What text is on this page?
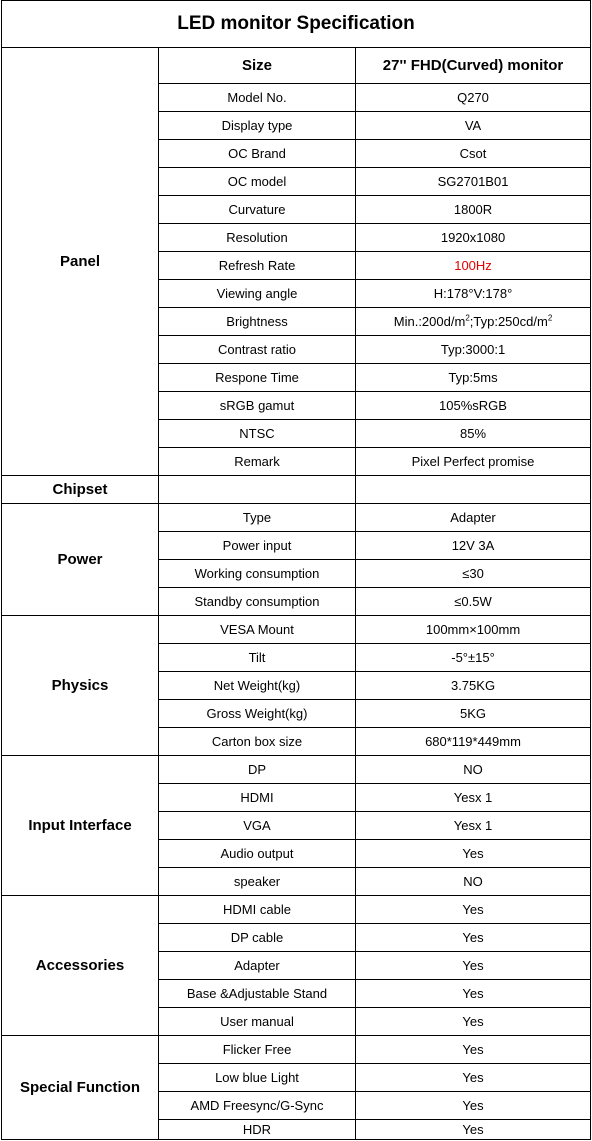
LED monitor Specification		
Panel	Size	27'' FHD(Curved) monitor
	Model No.	Q270
	Display type	VA
	OC Brand	Csot
	OC model	SG2701B01
	Curvature	1800R
	Resolution	1920x1080
	Refresh Rate	100Hz
	Viewing angle	H:178°V:178°
	Brightness	$Min.:200d/m^2;Typ:250cd/m^2$
	Contrast ratio	Typ:3000:1
	Respone Time	Typ:5ms
	sRGB gamut	105%sRGB
	NTSC	85%
	Remark	Pixel Perfect promise
Chipset		
Power	Type	Adapter
	Power input	12V 3A
	Working consumption	≤30
	Standby consumption	≤0.5W
Physics	VESA Mount	100mm×100mm
	Tilt	-5°±15°
	Net Weight(kg)	3.75KG
	Gross Weight(kg)	5KG
	Carton box size	680*119*449mm
Input Interface	DP	NO
	HDMI	Yesx 1
	VGA	Yesx 1
	Audio output	Yes
	speaker	NO
Accessories	HDMI cable	Yes
	DP cable	Yes
	Adapter	Yes
	Base &Adjustable Stand	Yes
	User manual	Yes
Special Function	Flicker Free	Yes
	Low blue Light	Yes
	AMD Freesync/G-Sync	Yes
	HDR	Yes
